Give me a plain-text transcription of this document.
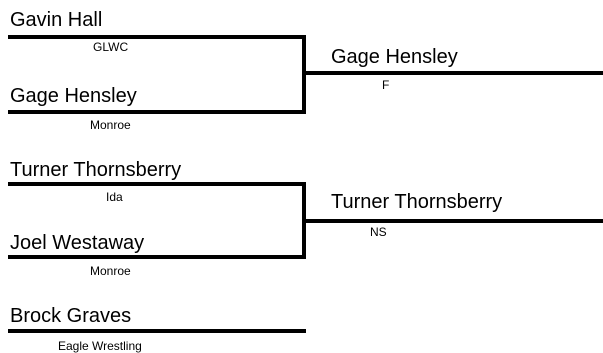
Gavin Hall
GLWC
Gage Hensley
Monroe
Turner Thornsberry
Ida
Joel Westaway
Monroe
Brock Graves
Eagle Wrestling
Gage Hensley
F
Turner Thornsberry
NS
